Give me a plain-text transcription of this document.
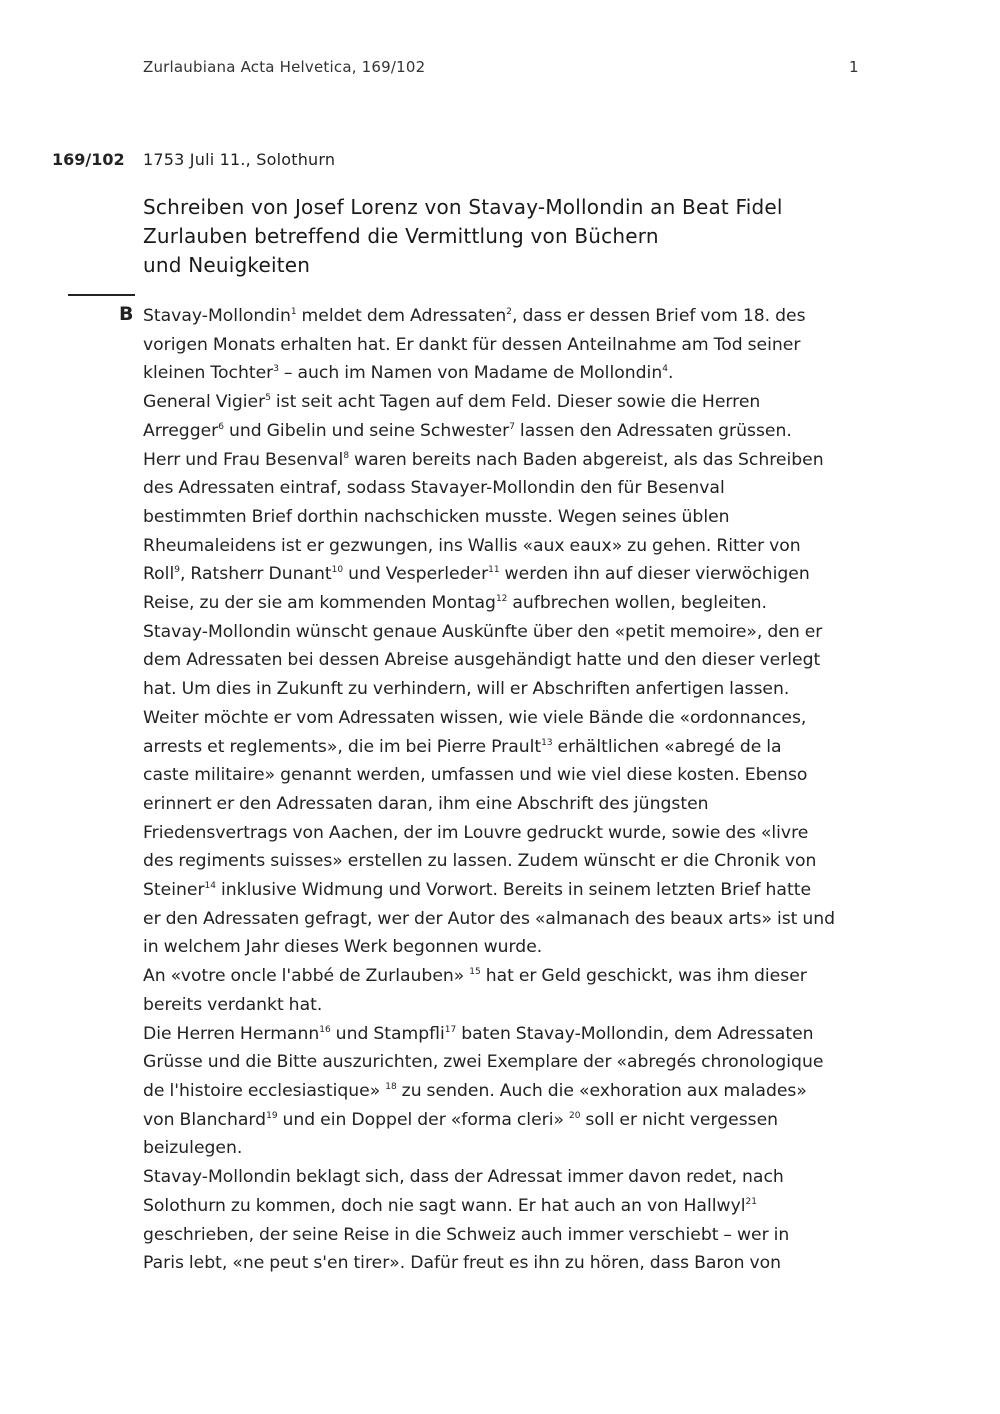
Zurlaubiana Acta Helvetica, 169/102	1
169/102 1753 Juli 11., Solothurn
Schreiben von Josef Lorenz von Stavay-Mollondin an Beat Fidel
Zurlauben betreffend die Vermittlung von Büchern
und Neuigkeiten
B Stavay-Mollondin$^1$ meldet dem Adressaten$^2$, dass er dessen Brief vom 18. des
vorigen Monats erhalten hat. Er dankt für dessen Anteilnahme am Tod seiner
kleinen Tochter$^3$ – auch im Namen von Madame de Mollondin$^4$.
General Vigier$^5$ ist seit acht Tagen auf dem Feld. Dieser sowie die Herren
Arregger$^6$ und Gibelin und seine Schwester$^7$ lassen den Adressaten grüssen.
Herr und Frau Besenval$^8$ waren bereits nach Baden abgereist, als das Schreiben
des Adressaten eintraf, sodass Stavayer-Mollondin den für Besenval
bestimmten Brief dorthin nachschicken musste. Wegen seines üblen
Rheumaleidens ist er gezwungen, ins Wallis «aux eaux» zu gehen. Ritter von
Roll$^9$, Ratsherr Dunant$^{10}$ und Vesperleder$^{11}$ werden ihn auf dieser vierwöchigen
Reise, zu der sie am kommenden Montag$^{12}$ aufbrechen wollen, begleiten.
Stavay-Mollondin wünscht genaue Auskünfte über den «petit memoire», den er
dem Adressaten bei dessen Abreise ausgehändigt hatte und den dieser verlegt
hat. Um dies in Zukunft zu verhindern, will er Abschriften anfertigen lassen.
Weiter möchte er vom Adressaten wissen, wie viele Bände die «ordonnances,
arrests et reglements», die im bei Pierre Prault$^{13}$ erhältlichen «abregé de la
caste militaire» genannt werden, umfassen und wie viel diese kosten. Ebenso
erinnert er den Adressaten daran, ihm eine Abschrift des jüngsten
Friedensvertrags von Aachen, der im Louvre gedruckt wurde, sowie des «livre
des regiments suisses» erstellen zu lassen. Zudem wünscht er die Chronik von
Steiner$^{14}$ inklusive Widmung und Vorwort. Bereits in seinem letzten Brief hatte
er den Adressaten gefragt, wer der Autor des «almanach des beaux arts» ist und
in welchem Jahr dieses Werk begonnen wurde.
An «votre oncle l'abbé de Zurlauben» $^{15}$ hat er Geld geschickt, was ihm dieser
bereits verdankt hat.
Die Herren Hermann$^{16}$ und Stampfli$^{17}$ baten Stavay-Mollondin, dem Adressaten
Grüsse und die Bitte auszurichten, zwei Exemplare der «abregés chronologique
de l'histoire ecclesiastique» $^{18}$ zu senden. Auch die «exhoration aux malades»
von Blanchard$^{19}$ und ein Doppel der «forma cleri» $^{20}$ soll er nicht vergessen
beizulegen.
Stavay-Mollondin beklagt sich, dass der Adressat immer davon redet, nach
Solothurn zu kommen, doch nie sagt wann. Er hat auch an von Hallwyl$^{21}$
geschrieben, der seine Reise in die Schweiz auch immer verschiebt – wer in
Paris lebt, «ne peut s'en tirer». Dafür freut es ihn zu hören, dass Baron von
